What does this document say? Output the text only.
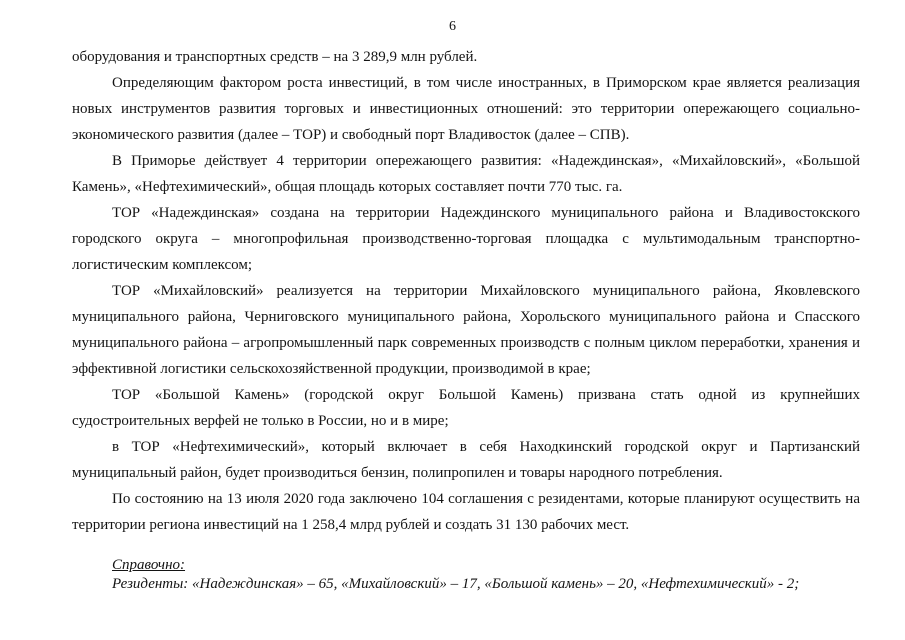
6

оборудования и транспортных средств – на 3 289,9 млн рублей.

Определяющим фактором роста инвестиций, в том числе иностранных, в Приморском крае является реализация новых инструментов развития торговых и инвестиционных отношений: это территории опережающего социально-экономического развития (далее – ТОР) и свободный порт Владивосток (далее – СПВ).

В Приморье действует 4 территории опережающего развития: «Надеждинская», «Михайловский», «Большой Камень», «Нефтехимический», общая площадь которых составляет почти 770 тыс. га.

ТОР «Надеждинская» создана на территории Надеждинского муниципального района и Владивостокского городского округа – многопрофильная производственно-торговая площадка с мультимодальным транспортно-логистическим комплексом;

ТОР «Михайловский» реализуется на территории Михайловского муниципального района, Яковлевского муниципального района, Черниговского муниципального района, Хорольского муниципального района и Спасского муниципального района – агропромышленный парк современных производств с полным циклом переработки, хранения и эффективной логистики сельскохозяйственной продукции, производимой в крае;

ТОР «Большой Камень» (городской округ Большой Камень) призвана стать одной из крупнейших судостроительных верфей не только в России, но и в мире;

в ТОР «Нефтехимический», который включает в себя Находкинский городской округ и Партизанский муниципальный район, будет производиться бензин, полипропилен и товары народного потребления.

По состоянию на 13 июля 2020 года заключено 104 соглашения с резидентами, которые планируют осуществить на территории региона инвестиций на 1 258,4 млрд рублей и создать 31 130 рабочих мест.

Справочно:
Резиденты: «Надеждинская» – 65, «Михайловский» – 17, «Большой камень» – 20, «Нефтехимический» - 2;
